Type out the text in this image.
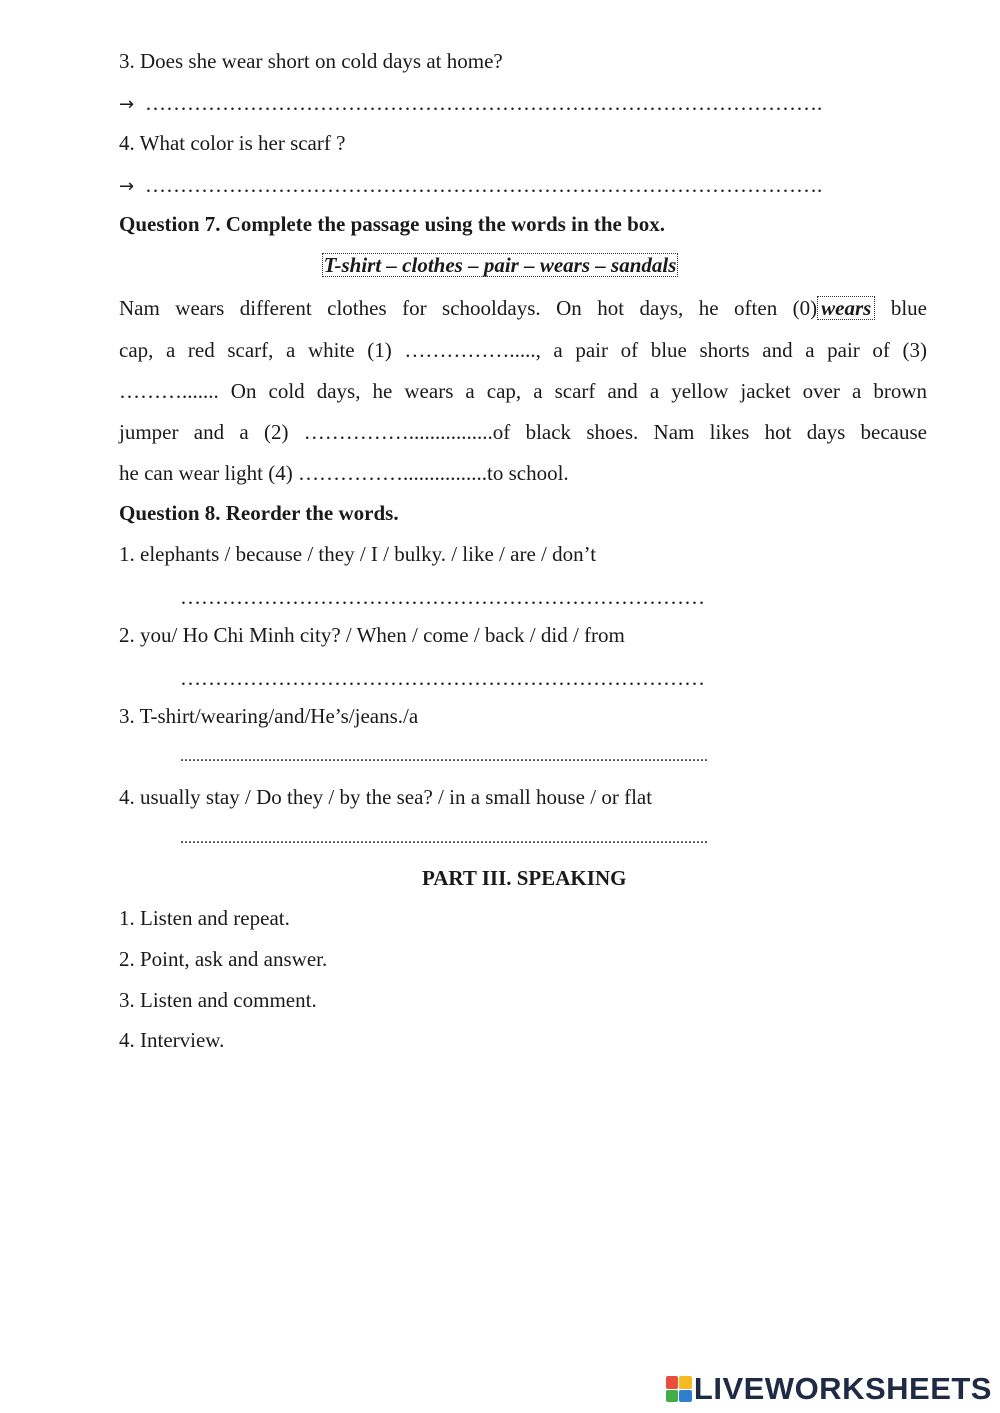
3. Does she wear short on cold days at home?
→ …………………………………………………………………………………….
4. What color is her scarf ?
→ …………………………………………………………………………………….
Question 7. Complete the passage using the words in the box.
T-shirt – clothes – pair – wears – sandals
Nam wears different clothes for schooldays. On hot days, he often (0) wears blue
cap, a red scarf, a white (1) ……………....., a pair of blue shorts and a pair of (3)
………....... On cold days, he wears a cap, a scarf and a yellow jacket over a brown
jumper and a (2) ……………................of black shoes. Nam likes hot days because
he can wear light (4) ……………................to school.
Question 8. Reorder the words.
1. elephants / because / they / I / bulky. / like / are / don’t
…………………………………………………………………
2. you/ Ho Chi Minh city? / When / come / back / did / from
…………………………………………………………………
3. T-shirt/wearing/and/He’s/jeans./a
....................................................................................................................................
4. usually stay / Do they / by the sea? / in a small house / or flat
....................................................................................................................................
PART III. SPEAKING
1. Listen and repeat.
2. Point, ask and answer.
3. Listen and comment.
4. Interview.
LIVEWORKSHEETS
